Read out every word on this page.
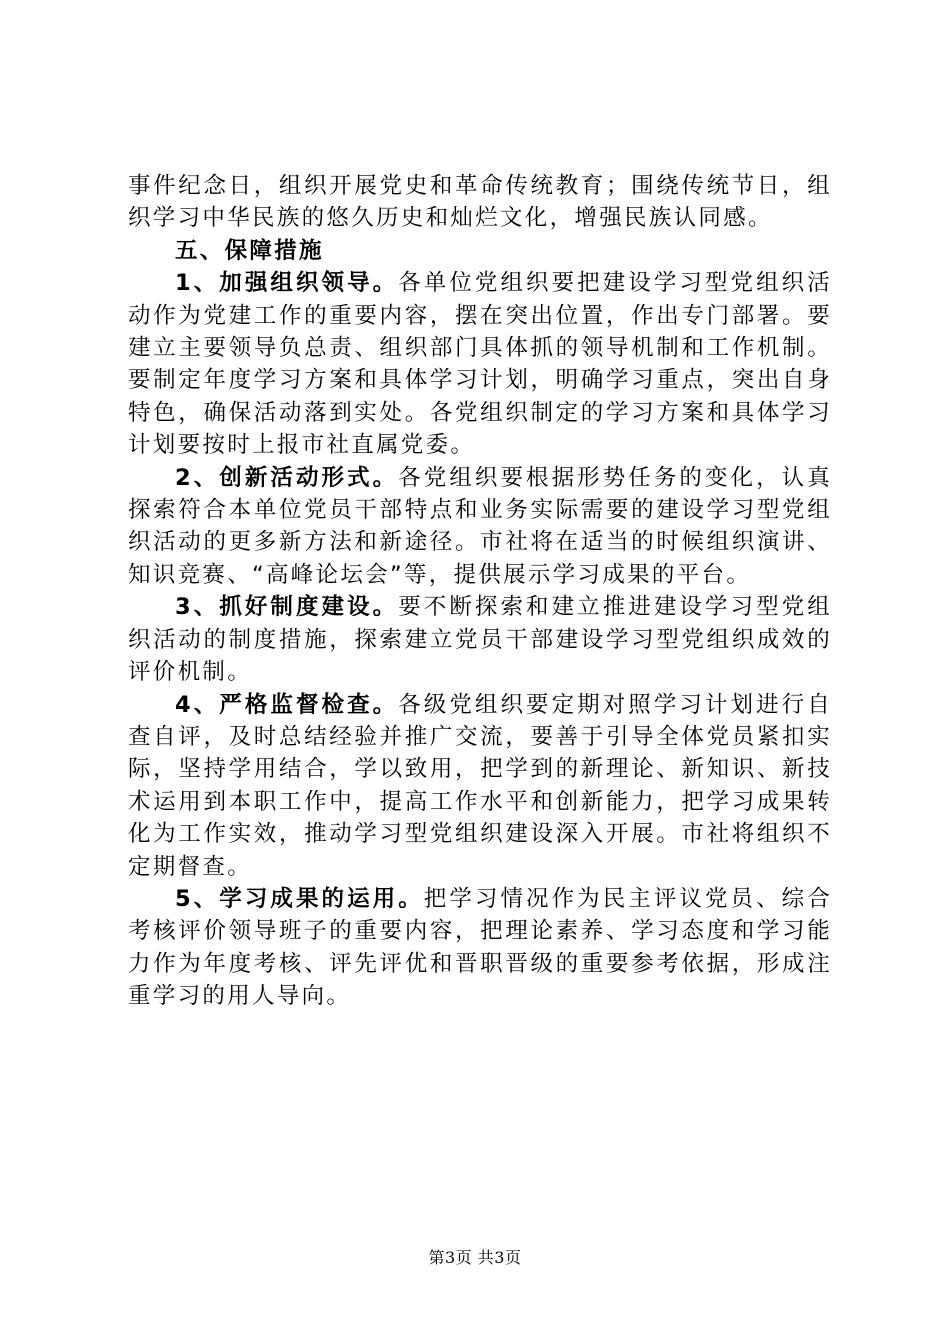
事件纪念日，组织开展党史和革命传统教育；围绕传统节日，组织学习中华民族的悠久历史和灿烂文化，增强民族认同感。

五、保障措施

1、加强组织领导。各单位党组织要把建设学习型党组织活动作为党建工作的重要内容，摆在突出位置，作出专门部署。要建立主要领导负总责、组织部门具体抓的领导机制和工作机制。要制定年度学习方案和具体学习计划，明确学习重点，突出自身特色，确保活动落到实处。各党组织制定的学习方案和具体学习计划要按时上报市社直属党委。

2、创新活动形式。各党组织要根据形势任务的变化，认真探索符合本单位党员干部特点和业务实际需要的建设学习型党组织活动的更多新方法和新途径。市社将在适当的时候组织演讲、知识竞赛、“高峰论坛会”等，提供展示学习成果的平台。

3、抓好制度建设。要不断探索和建立推进建设学习型党组织活动的制度措施，探索建立党员干部建设学习型党组织成效的评价机制。

4、严格监督检查。各级党组织要定期对照学习计划进行自查自评，及时总结经验并推广交流，要善于引导全体党员紧扣实际，坚持学用结合，学以致用，把学到的新理论、新知识、新技术运用到本职工作中，提高工作水平和创新能力，把学习成果转化为工作实效，推动学习型党组织建设深入开展。市社将组织不定期督查。

5、学习成果的运用。把学习情况作为民主评议党员、综合考核评价领导班子的重要内容，把理论素养、学习态度和学习能力作为年度考核、评先评优和晋职晋级的重要参考依据，形成注重学习的用人导向。

第3页 共3页
